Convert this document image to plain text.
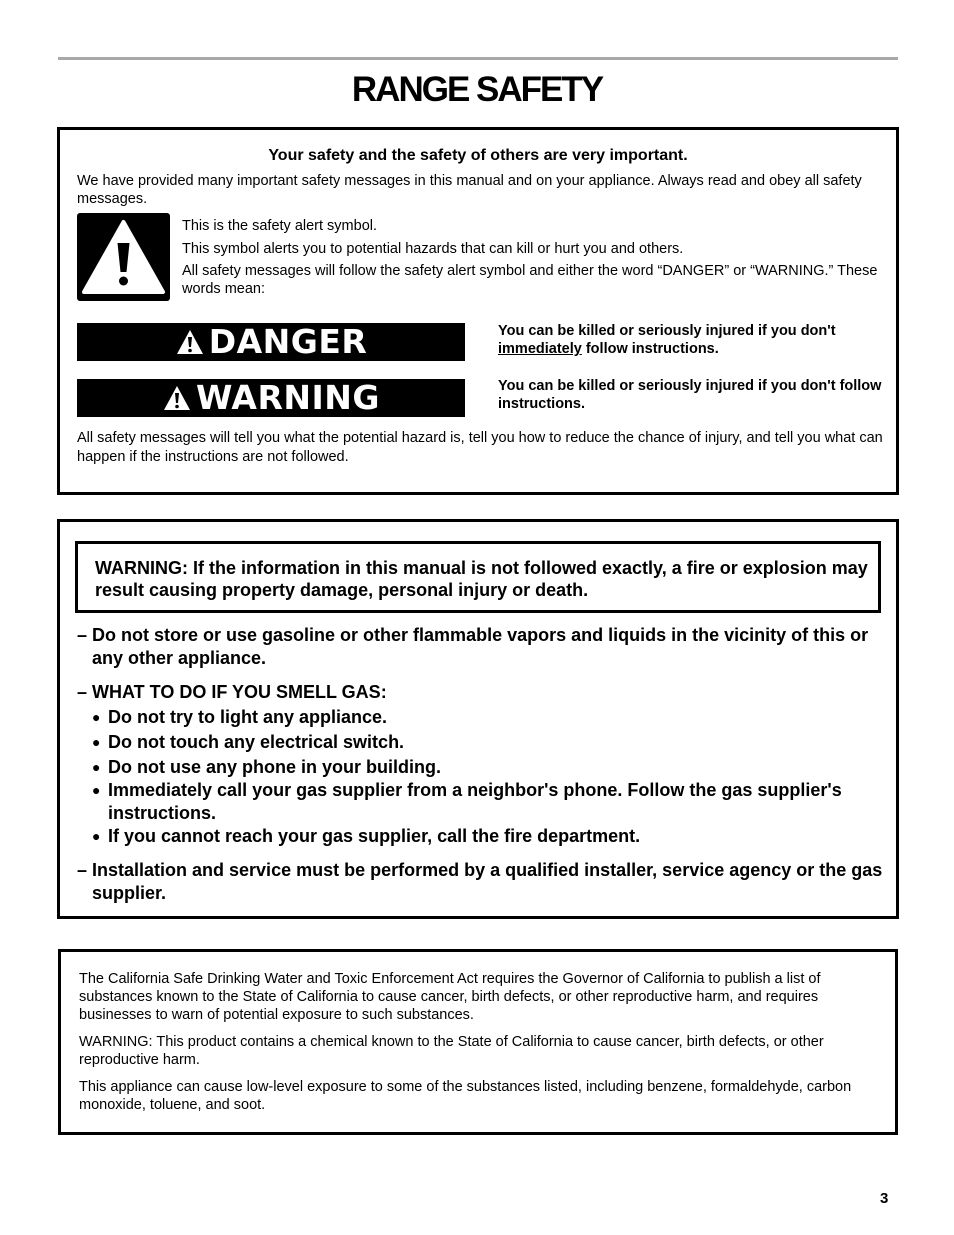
RANGE SAFETY
Your safety and the safety of others are very important.
We have provided many important safety messages in this manual and on your appliance. Always read and obey all safety messages.

This is the safety alert symbol.

This symbol alerts you to potential hazards that can kill or hurt you and others.

All safety messages will follow the safety alert symbol and either the word “DANGER” or “WARNING.” These words mean:

DANGER	You can be killed or seriously injured if you don't immediately follow instructions.
WARNING	You can be killed or seriously injured if you don't follow instructions.
All safety messages will tell you what the potential hazard is, tell you how to reduce the chance of injury, and tell you what can happen if the instructions are not followed.

WARNING: If the information in this manual is not followed exactly, a fire or explosion may result causing property damage, personal injury or death.

– Do not store or use gasoline or other flammable vapors and liquids in the vicinity of this or any other appliance.
– WHAT TO DO IF YOU SMELL GAS:
● Do not try to light any appliance.
● Do not touch any electrical switch.
● Do not use any phone in your building.
● Immediately call your gas supplier from a neighbor's phone. Follow the gas supplier's instructions.
● If you cannot reach your gas supplier, call the fire department.
– Installation and service must be performed by a qualified installer, service agency or the gas supplier.

The California Safe Drinking Water and Toxic Enforcement Act requires the Governor of California to publish a list of substances known to the State of California to cause cancer, birth defects, or other reproductive harm, and requires businesses to warn of potential exposure to such substances.

WARNING: This product contains a chemical known to the State of California to cause cancer, birth defects, or other reproductive harm.

This appliance can cause low-level exposure to some of the substances listed, including benzene, formaldehyde, carbon monoxide, toluene, and soot.

3
